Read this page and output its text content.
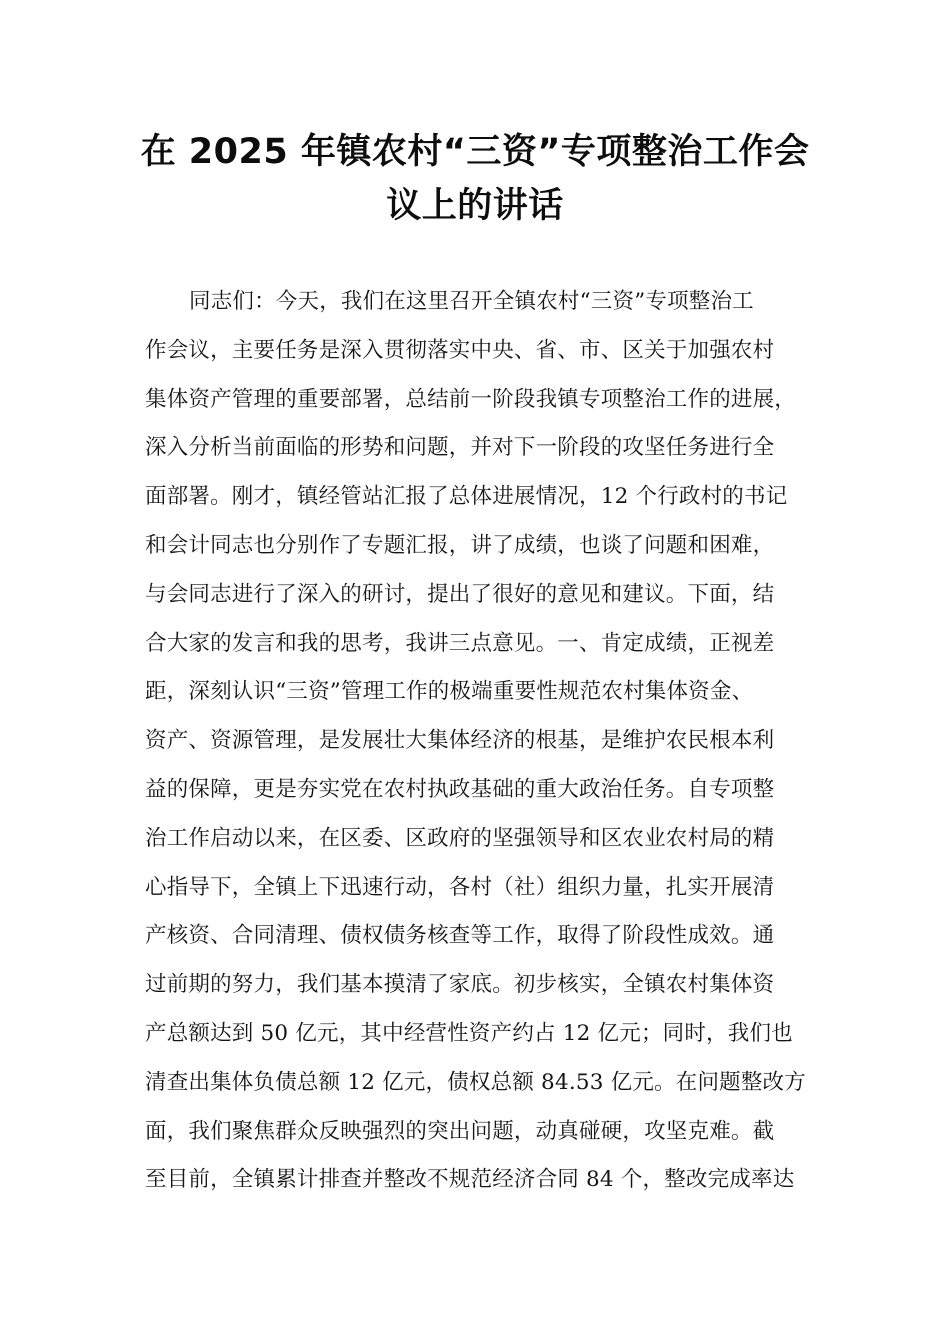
在 2025 年镇农村“三资”专项整治工作会
议上的讲话
同志们：今天，我们在这里召开全镇农村“三资”专项整治工
作会议，主要任务是深入贯彻落实中央、省、市、区关于加强农村
集体资产管理的重要部署，总结前一阶段我镇专项整治工作的进展，
深入分析当前面临的形势和问题，并对下一阶段的攻坚任务进行全
面部署。刚才，镇经管站汇报了总体进展情况，12 个行政村的书记
和会计同志也分别作了专题汇报，讲了成绩，也谈了问题和困难，
与会同志进行了深入的研讨，提出了很好的意见和建议。下面，结
合大家的发言和我的思考，我讲三点意见。一、肯定成绩，正视差
距，深刻认识“三资”管理工作的极端重要性规范农村集体资金、
资产、资源管理，是发展壮大集体经济的根基，是维护农民根本利
益的保障，更是夯实党在农村执政基础的重大政治任务。自专项整
治工作启动以来，在区委、区政府的坚强领导和区农业农村局的精
心指导下，全镇上下迅速行动，各村（社）组织力量，扎实开展清
产核资、合同清理、债权债务核查等工作，取得了阶段性成效。通
过前期的努力，我们基本摸清了家底。初步核实，全镇农村集体资
产总额达到 50 亿元，其中经营性资产约占 12 亿元；同时，我们也
清查出集体负债总额 12 亿元，债权总额 84.53 亿元。在问题整改方
面，我们聚焦群众反映强烈的突出问题，动真碰硬，攻坚克难。截
至目前，全镇累计排查并整改不规范经济合同 84 个，整改完成率达
